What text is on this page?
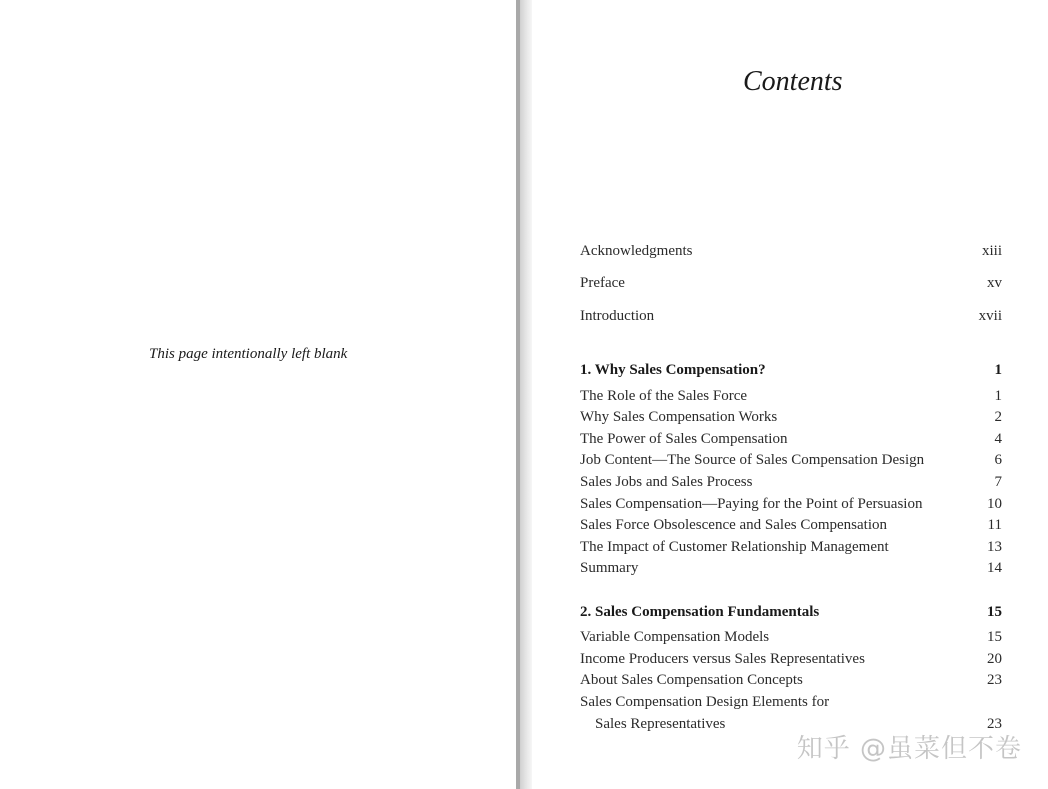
This page intentionally left blank
Contents
Acknowledgments	xiii
Preface	xv
Introduction	xvii
1. Why Sales Compensation?	1
The Role of the Sales Force	1
Why Sales Compensation Works	2
The Power of Sales Compensation	4
Job Content—The Source of Sales Compensation Design	6
Sales Jobs and Sales Process	7
Sales Compensation—Paying for the Point of Persuasion	10
Sales Force Obsolescence and Sales Compensation	11
The Impact of Customer Relationship Management	13
Summary	14
2. Sales Compensation Fundamentals	15
Variable Compensation Models	15
Income Producers versus Sales Representatives	20
About Sales Compensation Concepts	23
Sales Compensation Design Elements for
Sales Representatives	23
知乎 @虽菜但不卷
